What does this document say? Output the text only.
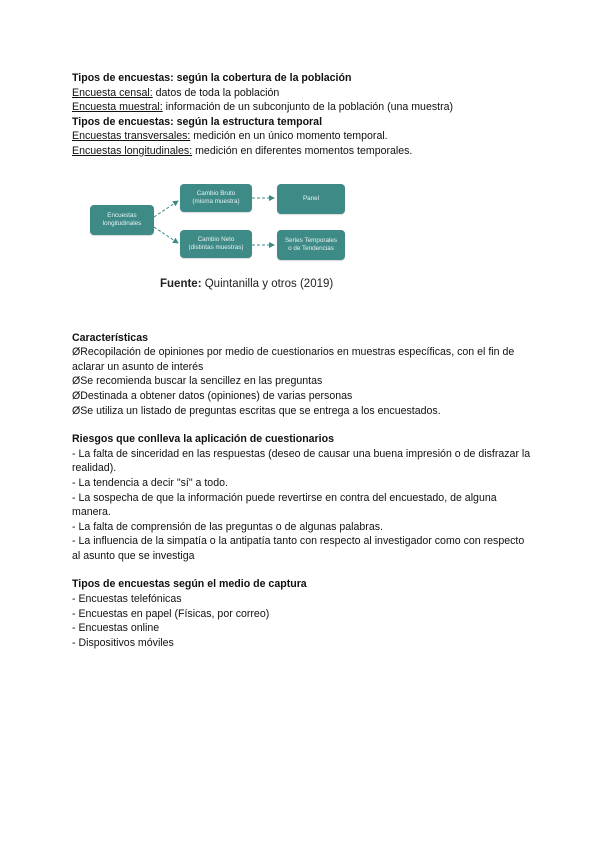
Tipos de encuestas: según la cobertura de la población
Encuesta censal: datos de toda la población
Encuesta muestral: información de un subconjunto de la población (una muestra)
Tipos de encuestas: según la estructura temporal
Encuestas transversales: medición en un único momento temporal.
Encuestas longitudinales: medición en diferentes momentos temporales.
Encuestas
longitudinales
Cambio Bruto
(misma muestra)
Cambio Neto
(distintas muestras)
Panel
Series Temporales
o de Tendencias
Fuente: Quintanilla y otros (2019)
Características
ØRecopilación de opiniones por medio de cuestionarios en muestras específicas, con el fin de aclarar un asunto de interés
ØSe recomienda buscar la sencillez en las preguntas
ØDestinada a obtener datos (opiniones) de varias personas
ØSe utiliza un listado de preguntas escritas que se entrega a los encuestados.
Riesgos que conlleva la aplicación de cuestionarios
- La falta de sinceridad en las respuestas (deseo de causar una buena impresión o de disfrazar la realidad).
- La tendencia a decir "sí" a todo.
- La sospecha de que la información puede revertirse en contra del encuestado, de alguna manera.
- La falta de comprensión de las preguntas o de algunas palabras.
- La influencia de la simpatía o la antipatía tanto con respecto al investigador como con respecto al asunto que se investiga
Tipos de encuestas según el medio de captura
- Encuestas telefónicas
- Encuestas en papel (Físicas, por correo)
- Encuestas online
- Dispositivos móviles
